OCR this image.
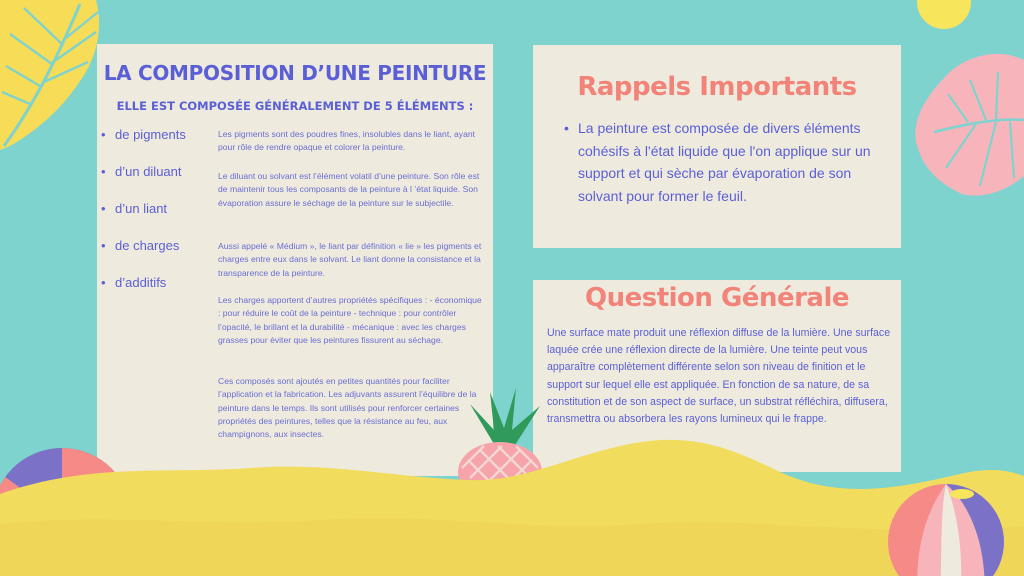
LA COMPOSITION D’UNE PEINTURE
ELLE EST COMPOSÉE GÉNÉRALEMENT DE 5 ÉLÉMENTS :
• de pigments
• d’un diluant
• d’un liant
• de charges
• d’additifs
Les pigments sont des poudres fines, insolubles dans le liant, ayant pour rôle de rendre opaque et colorer la peinture.
Le diluant ou solvant est l’élément volatil d’une peinture. Son rôle est de maintenir tous les composants de la peinture à l ’état liquide. Son évaporation assure le séchage de la peinture sur le subjectile.
Aussi appelé « Médium », le liant par définition « lie » les pigments et charges entre eux dans le solvant. Le liant donne la consistance et la transparence de la peinture.
Les charges apportent d’autres propriétés spécifiques : - économique : pour réduire le coût de la peinture - technique : pour contrôler l’opacité, le brillant et la durabilité - mécanique : avec les charges grasses pour éviter que les peintures fissurent au séchage.
Ces composés sont ajoutés en petites quantités pour faciliter l’application et la fabrication. Les adjuvants assurent l’équilibre de la peinture dans le temps. Ils sont utilisés pour renforcer certaines propriétés des peintures, telles que la résistance au feu, aux champignons, aux insectes.
Rappels Importants
• La peinture est composée de divers éléments cohésifs à l'état liquide que l'on applique sur un support et qui sèche par évaporation de son solvant pour former le feuil.
Question Générale
Une surface mate produit une réflexion diffuse de la lumière. Une surface laquée crée une réflexion directe de la lumière. Une teinte peut vous apparaître complètement différente selon son niveau de finition et le support sur lequel elle est appliquée. En fonction de sa nature, de sa constitution et de son aspect de surface, un substrat réfléchira, diffusera, transmettra ou absorbera les rayons lumineux qui le frappe.
